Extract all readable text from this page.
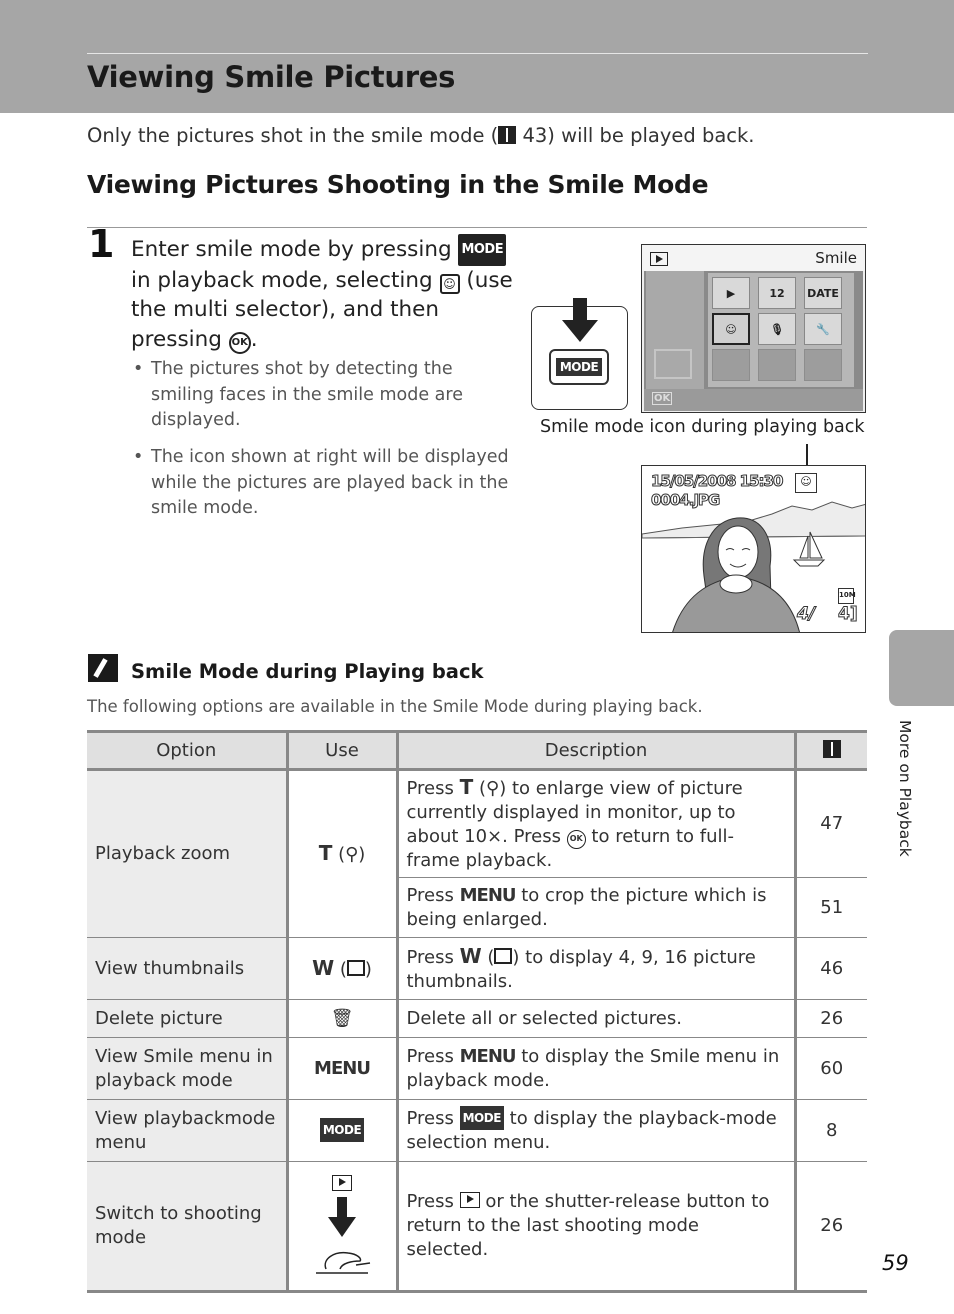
Viewing Smile Pictures

Only the pictures shot in the smile mode ( 43) will be played back.

Viewing Pictures Shooting in the Smile Mode
1 Enter smile mode by pressing MODE in playback mode, selecting ☺ (use the multi selector), and then pressing OK .
• The pictures shot by detecting the smiling faces in the smile mode are displayed.
• The icon shown at right will be displayed while the pictures are played back in the smile mode.
MODE
Smile
▶	12	DATE
☺	🎙	🔧
OK
Smile mode icon during playing back
15/05/2008 15:30
0004.JPG
☺
10M
4/ 4]
Smile Mode during Playing back
The following options are available in the Smile Mode during playing back.
Option	Use	Description	
Playback zoom	T (⚲)	Press T (⚲) to enlarge view of picture currently displayed in monitor, up to about 10×. Press OK to return to full-frame playback.	47
		Press MENU to crop the picture which is being enlarged.	51
View thumbnails	W ( )	Press W ( ) to display 4, 9, 16 picture thumbnails.	46
Delete picture	🗑	Delete all or selected pictures.	26
View Smile menu in playback mode	MENU	Press MENU to display the Smile menu in playback mode.	60
View playbackmode menu	MODE	Press MODE to display the playback-mode selection menu.	8
Switch to shooting mode		Press  or the shutter-release button to return to the last shooting mode selected.	26
More on Playback
59
